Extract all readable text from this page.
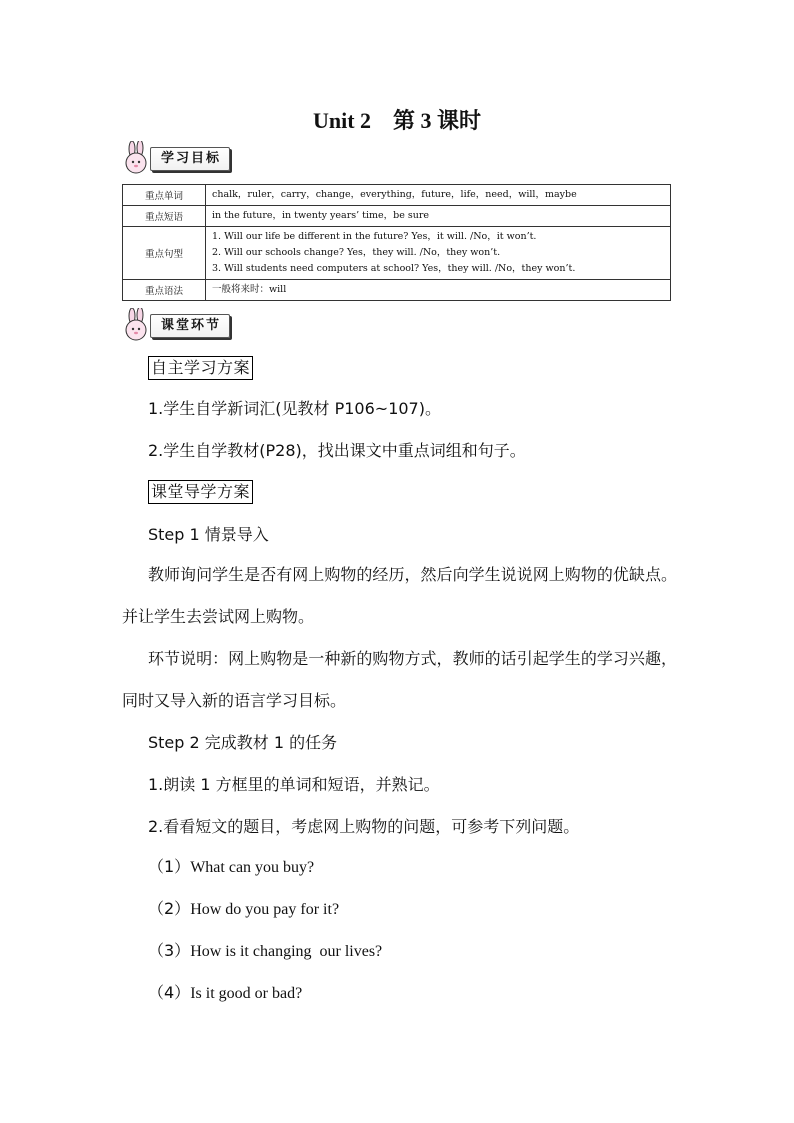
Unit 2　第 3 课时
学习目标
重点单词	chalk，ruler，carry，change，everything，future，life，need，will，maybe
重点短语	in the future，in twenty years’ time，be sure
重点句型	1. Will our life be different in the future? Yes，it will. /No，it won’t.
2. Will our schools change? Yes，they will. /No，they won’t.
3. Will students need computers at school? Yes，they will. /No，they won’t.

重点语法	一般将来时：will
课堂环节
自主学习方案
1.学生自学新词汇(见教材 P106~107)。
2.学生自学教材(P28)，找出课文中重点词组和句子。
课堂导学方案
Step 1 情景导入
教师询问学生是否有网上购物的经历，然后向学生说说网上购物的优缺点。并让学生去尝试网上购物。
环节说明：网上购物是一种新的购物方式，教师的话引起学生的学习兴趣，同时又导入新的语言学习目标。
Step 2 完成教材 1 的任务
1.朗读 1 方框里的单词和短语，并熟记。
2.看看短文的题目，考虑网上购物的问题，可参考下列问题。
（1）What can you buy?
（2）How do you pay for it?
（3）How is it changing  our lives?
（4）Is it good or bad?
